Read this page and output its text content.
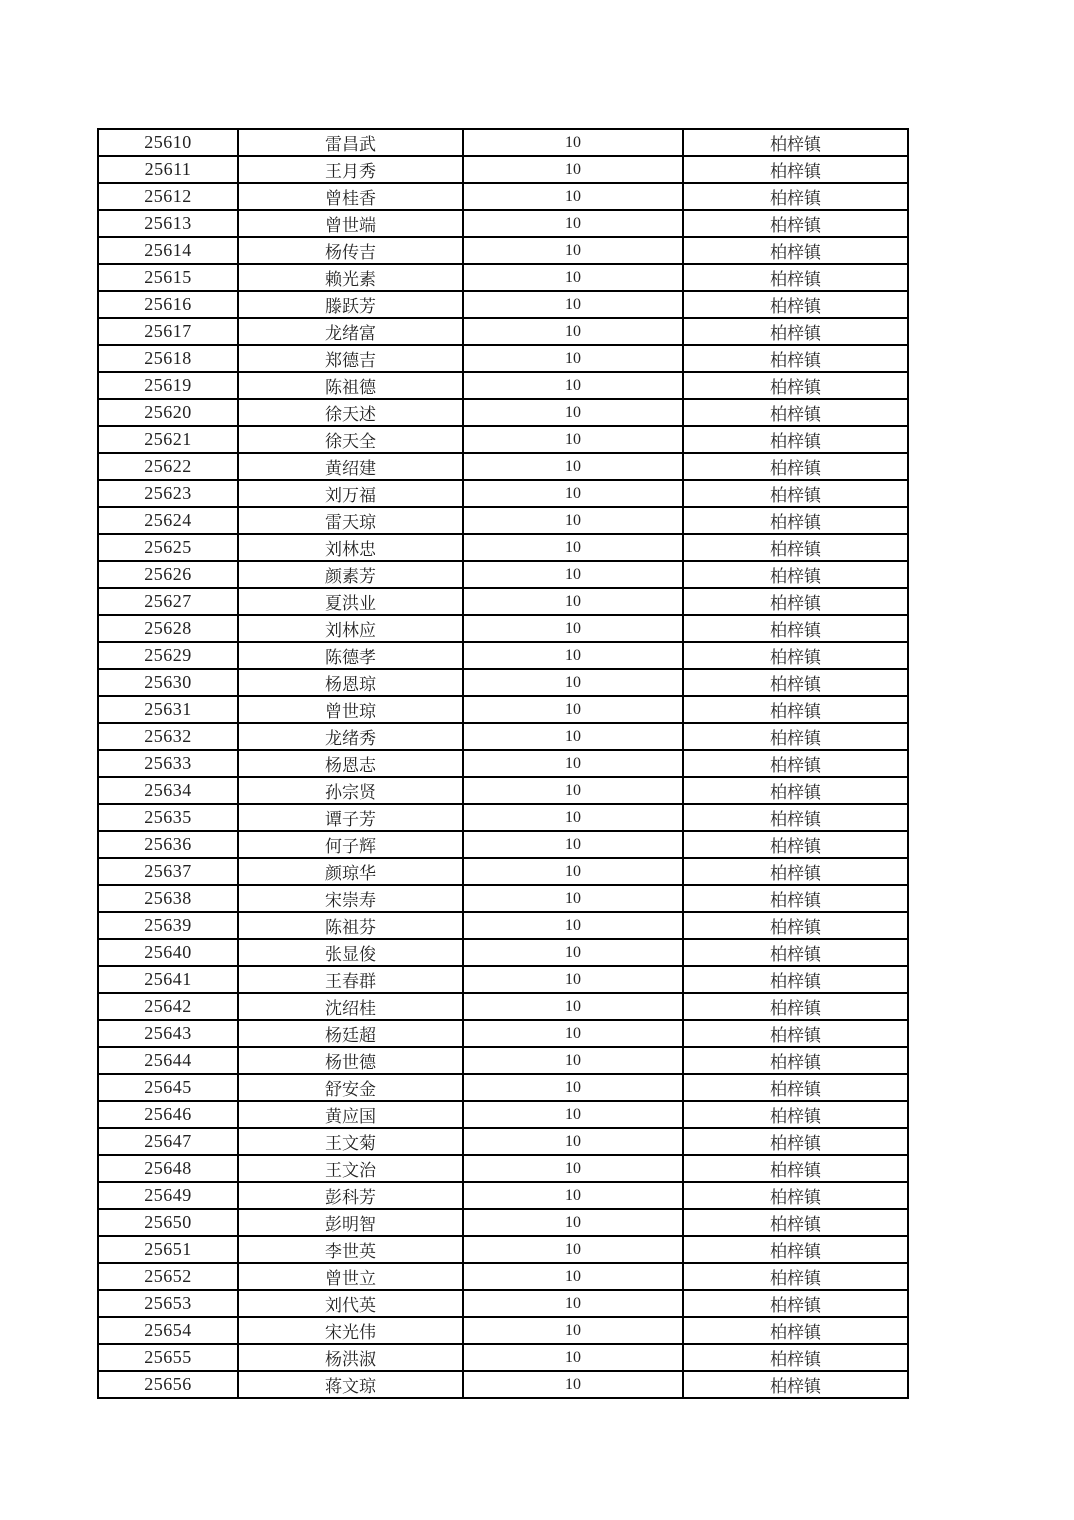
25610	雷昌武	10	柏梓镇
25611	王月秀	10	柏梓镇
25612	曾桂香	10	柏梓镇
25613	曾世端	10	柏梓镇
25614	杨传吉	10	柏梓镇
25615	赖光素	10	柏梓镇
25616	滕跃芳	10	柏梓镇
25617	龙绪富	10	柏梓镇
25618	郑德吉	10	柏梓镇
25619	陈祖德	10	柏梓镇
25620	徐天述	10	柏梓镇
25621	徐天全	10	柏梓镇
25622	黄绍建	10	柏梓镇
25623	刘万福	10	柏梓镇
25624	雷天琼	10	柏梓镇
25625	刘林忠	10	柏梓镇
25626	颜素芳	10	柏梓镇
25627	夏洪业	10	柏梓镇
25628	刘林应	10	柏梓镇
25629	陈德孝	10	柏梓镇
25630	杨恩琼	10	柏梓镇
25631	曾世琼	10	柏梓镇
25632	龙绪秀	10	柏梓镇
25633	杨恩志	10	柏梓镇
25634	孙宗贤	10	柏梓镇
25635	谭子芳	10	柏梓镇
25636	何子辉	10	柏梓镇
25637	颜琼华	10	柏梓镇
25638	宋崇寿	10	柏梓镇
25639	陈祖芬	10	柏梓镇
25640	张显俊	10	柏梓镇
25641	王春群	10	柏梓镇
25642	沈绍桂	10	柏梓镇
25643	杨廷超	10	柏梓镇
25644	杨世德	10	柏梓镇
25645	舒安金	10	柏梓镇
25646	黄应国	10	柏梓镇
25647	王文菊	10	柏梓镇
25648	王文治	10	柏梓镇
25649	彭科芳	10	柏梓镇
25650	彭明智	10	柏梓镇
25651	李世英	10	柏梓镇
25652	曾世立	10	柏梓镇
25653	刘代英	10	柏梓镇
25654	宋光伟	10	柏梓镇
25655	杨洪淑	10	柏梓镇
25656	蒋文琼	10	柏梓镇
